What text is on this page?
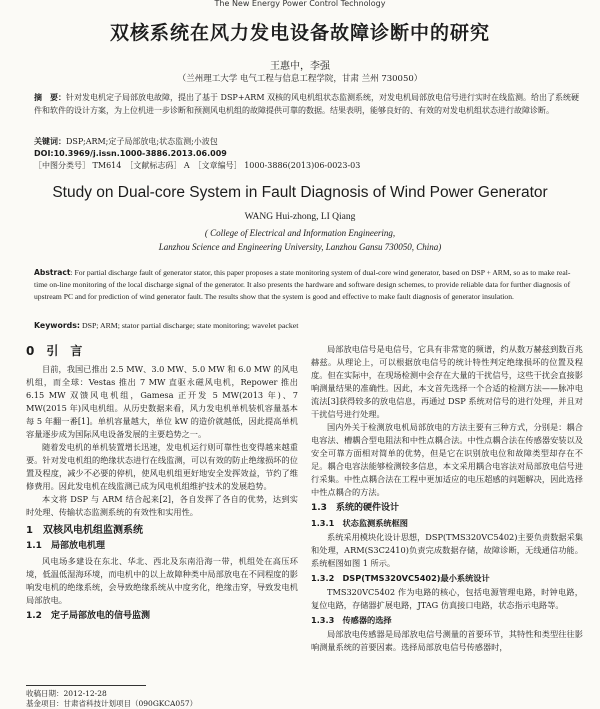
The New Energy Power Control Technology
双核系统在风力发电设备故障诊断中的研究
王惠中，李强
（兰州理工大学 电气工程与信息工程学院，甘肃 兰州 730050）
摘　要：针对发电机定子局部放电故障，提出了基于 DSP+ARM 双核的风电机组状态监测系统，对发电机局部放电信号进行实时在线监测。给出了系统硬件和软件的设计方案，为上位机进一步诊断和预测风电机组的故障提供可靠的数据。结果表明，能够良好的、有效的对发电机组状态进行故障诊断。
关键词：DSP;ARM;定子局部放电;状态监测;小波包
DOI:10.3969/j.issn.1000-3886.2013.06.009
［中图分类号］ TM614　［文献标志码］ A　［文章编号］ 1000-3886(2013)06-0023-03
Study on Dual-core System in Fault Diagnosis of Wind Power Generator
WANG Hui-zhong, LI Qiang
( College of Electrical and Information Engineering,
Lanzhou Science and Engineering University, Lanzhou Gansu 730050, China)
Abstract: For partial discharge fault of generator stator, this paper proposes a state monitoring system of dual-core wind generator, based on DSP + ARM, so as to make real-time on-line monitoring of the local discharge signal of the generator. It also presents the hardware and software design schemes, to provide reliable data for further diagnosis of upstream PC and for prediction of wind generator fault. The results show that the system is good and effective to make fault diagnosis of generator insulation.
Keywords: DSP; ARM; stator partial discharge; state monitoring; wavelet packet
0　引　言

目前，我国已推出 2.5 MW、3.0 MW、5.0 MW 和 6.0 MW 的风电机组，而全球：Vestas 推出 7 MW 直驱永磁风电机，Repower 推出 6.15 MW 双馈风电机组，Gamesa 正开发 5 MW(2013 年)、7 MW(2015 年)风电机组。从历史数据来看，风力发电机单机装机容量基本每 5 年翻一番[1]。单机容量越大，单位 kW 的造价就越低，因此提高单机容量逐步成为国际风电设备发展的主要趋势之一。

随着发电机的单机装置增长迅速，发电机运行则可靠性也变得越来越重要。针对发电机组的绝缘状态进行在线监测，可以有效的防止绝缘损坏的位置及程度，减少不必要的停机，使风电机组更好地安全发挥效益，节约了维修费用。因此发电机在线监测已成为风电机组维护技术的发展趋势。

本文将 DSP 与 ARM 结合起来[2]，各自发挥了各自的优势，达到实时处理、传输状态监测系统的有效性和实用性。

1　双核风电机组监测系统
1.1　局部放电机理

风电场多建设在东北、华北、西北及东南沿海一带，机组处在高压环境，低温低湿海环境，而电机中的以上故障种类中局部放电在不同程度的影响发电机的绝缘系统，会导致绝缘系统从中度劣化，绝缘击穿，导致发电机局部放电。

1.2　定子局部放电的信号监测

局部放电信号是电信号，它具有非常宽的频谱，约从数万赫兹到数百兆赫兹。从理论上，可以根据放电信号的统计特性判定绝缘损坏的位置及程度。但在实际中，在现场检测中会存在大量的干扰信号，这些干扰会直接影响测量结果的准确性。因此，本文首先选择一个合适的检测方法——脉冲电流法[3]获得较多的放电信息，再通过 DSP 系统对信号的进行处理，并且对干扰信号进行处理。

国内外关于检测放电机局部放电的方法主要有三种方式，分别是：耦合电容法、槽耦合型电阻法和中性点耦合法。中性点耦合法在传感器安装以及安全可靠方面相对简单的优势，但是它在识别放电位和故障类型却存在不足。耦合电容法能够检测较多信息，本文采用耦合电容法对局部放电信号进行采集。中性点耦合法在工程中更加适应的电压超感的问题解决，因此选择中性点耦合的方法。

1.3　系统的硬件设计
1.3.1　状态监测系统框图

系统采用模块化设计思想，DSP(TMS320VC5402)主要负责数据采集和处理，ARM(S3C2410)负责完成数据存储，故障诊断，无线通信功能。系统框图如图 1 所示。

1.3.2　DSP(TMS320VC5402)最小系统设计

TMS320VC5402 作为电路的核心，包括电源管理电路，时钟电路，复位电路，存储器扩展电路，JTAG 仿真接口电路，状态指示电路等。

1.3.3　传感器的选择

局部放电传感器是局部放电信号测量的首要环节，其特性和类型往往影响测量系统的首要因素。选择局部放电信号传感器时，

收稿日期：2012-12-28
基金项目：甘肃省科技计划项目（090GKCA057）
